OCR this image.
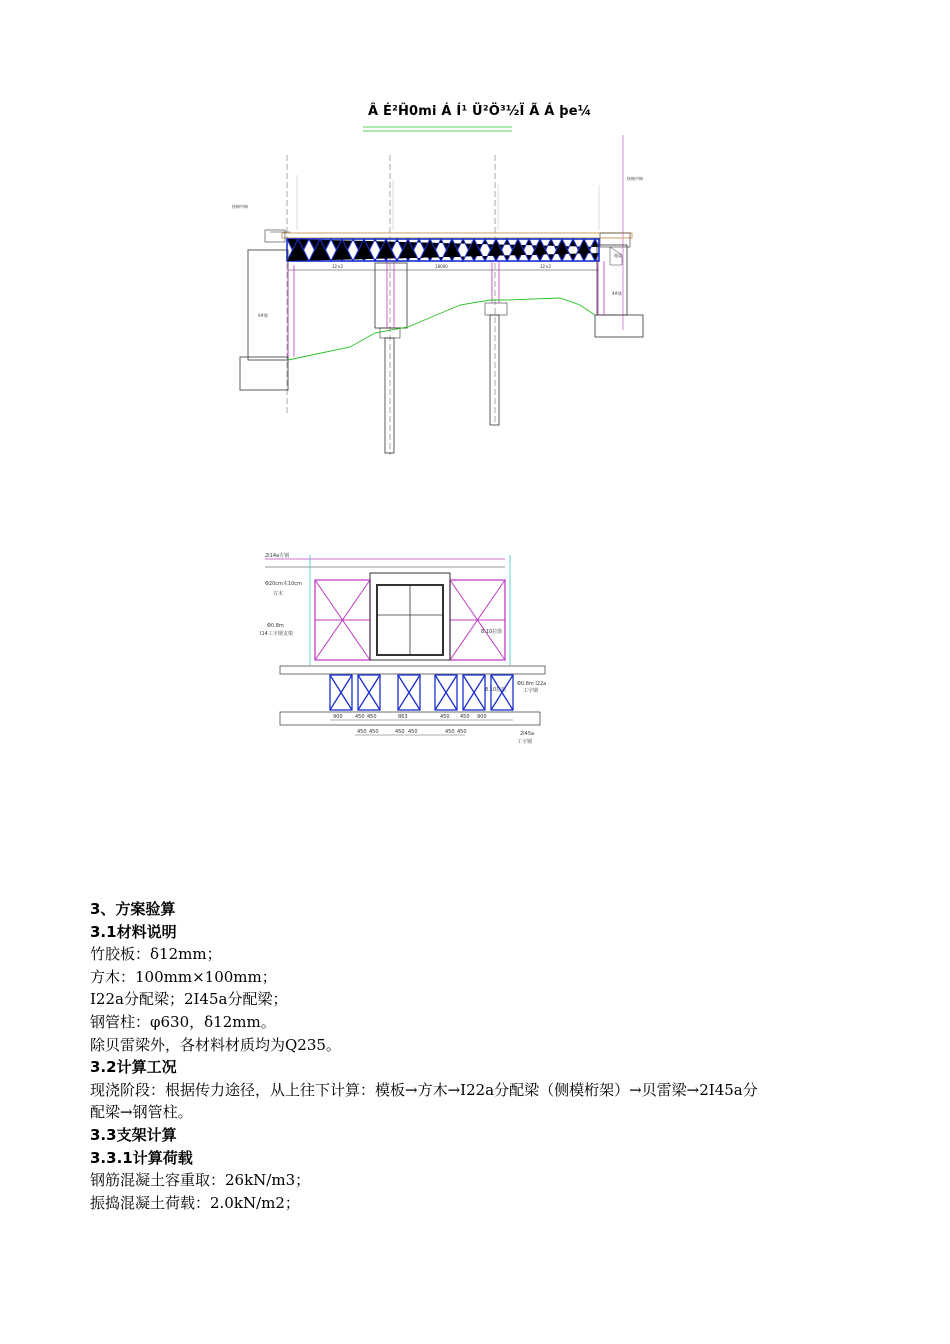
Â É²Ĥ0mi Á Í¹ Ü²Ö³½Ï Ã Á þe¼
接線中線
接線中線
12×2	18000	12×2
0#墩
箱梁
4#墩
2I14a方钢
Φ20cm木10cm
方木
Φ0.8m
I14工字钢支架	8.10拉筋
Φ0.8m I22a
工字钢
8.10拉筋
2I45a
工字钢
900 450 450	863	450 450 900
450 450	450 450	450 450
3、方案验算
3.1材料说明
竹胶板：δ12mm；
方木：100mm×100mm；
I22a分配梁；2I45a分配梁；
钢管柱：φ630，δ12mm。
除贝雷梁外，各材料材质均为Q235。
3.2计算工况
现浇阶段：根据传力途径，从上往下计算：模板→方木→I22a分配梁（侧模桁架）→贝雷梁→2I45a分
配梁→钢管柱。
3.3支架计算
3.3.1计算荷载
钢筋混凝土容重取：26kN/m3；
振捣混凝土荷载：2.0kN/m2；
